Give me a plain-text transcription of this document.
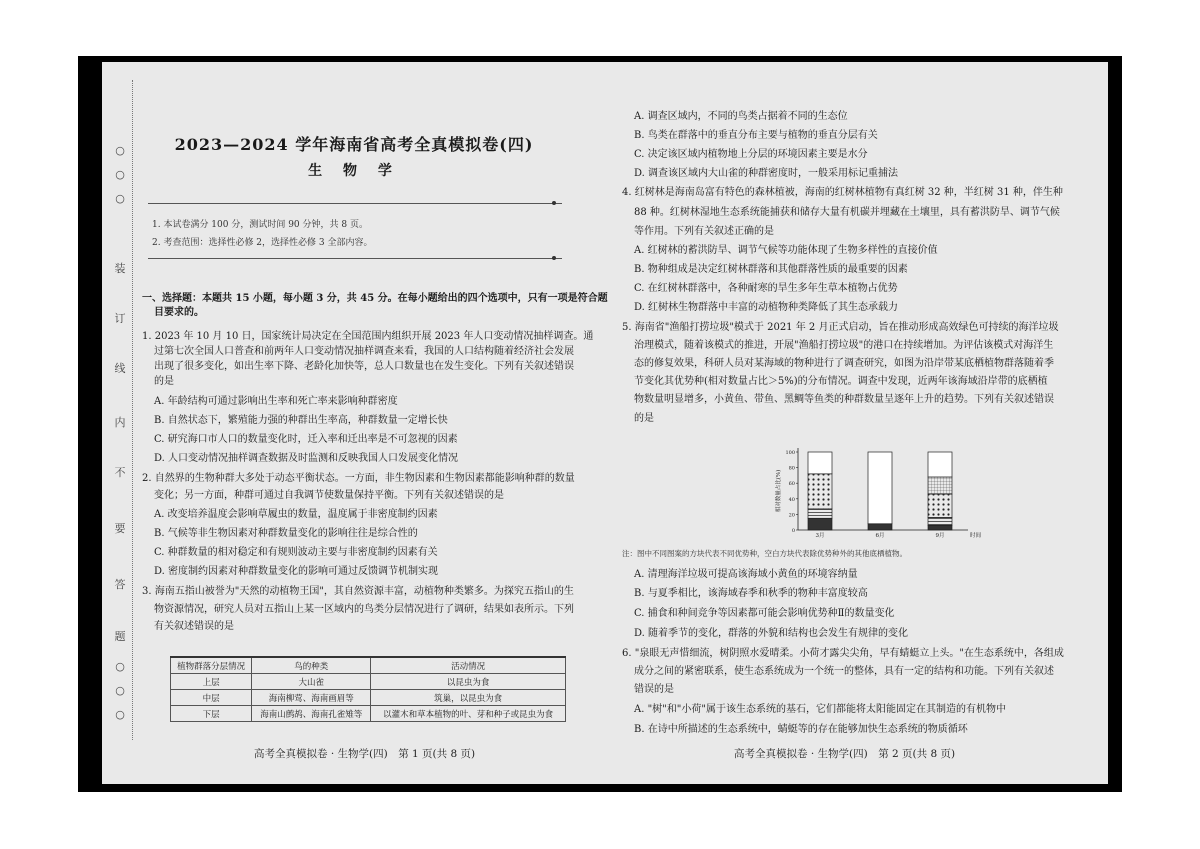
○
○
○
装
订
线
内
不
要
答
题
○
○
○
2023—2024 学年海南省高考全真模拟卷(四)
生 物 学
1. 本试卷满分 100 分，测试时间 90 分钟，共 8 页。
2. 考查范围：选择性必修 2，选择性必修 3 全部内容。
一、选择题：本题共 15 小题，每小题 3 分，共 45 分。在每小题给出的四个选项中，只有一项是符合题
目要求的。
1. 2023 年 10 月 10 日，国家统计局决定在全国范围内组织开展 2023 年人口变动情况抽样调查。通
过第七次全国人口普查和前两年人口变动情况抽样调查来看，我国的人口结构随着经济社会发展
出现了很多变化，如出生率下降、老龄化加快等，总人口数量也在发生变化。下列有关叙述错误
的是
A. 年龄结构可通过影响出生率和死亡率来影响种群密度
B. 自然状态下，繁殖能力强的种群出生率高，种群数量一定增长快
C. 研究海口市人口的数量变化时，迁入率和迁出率是不可忽视的因素
D. 人口变动情况抽样调查数据及时监测和反映我国人口发展变化情况
2. 自然界的生物种群大多处于动态平衡状态。一方面，非生物因素和生物因素都能影响种群的数量
变化；另一方面，种群可通过自我调节使数量保持平衡。下列有关叙述错误的是
A. 改变培养温度会影响草履虫的数量，温度属于非密度制约因素
B. 气候等非生物因素对种群数量变化的影响往往是综合性的
C. 种群数量的相对稳定和有规则波动主要与非密度制约因素有关
D. 密度制约因素对种群数量变化的影响可通过反馈调节机制实现
3. 海南五指山被誉为"天然的动植物王国"，其自然资源丰富，动植物种类繁多。为探究五指山的生
物资源情况，研究人员对五指山上某一区域内的鸟类分层情况进行了调研，结果如表所示。下列
有关叙述错误的是
植物群落分层情况	鸟的种类	活动情况
上层	大山雀	以昆虫为食
中层	海南柳莺、海南画眉等	筑巢，以昆虫为食
下层	海南山鹧鸪、海南孔雀雉等	以灌木和草本植物的叶、芽和种子或昆虫为食
高考全真模拟卷 · 生物学(四)　第 1 页(共 8 页)
A. 调查区域内，不同的鸟类占据着不同的生态位
B. 鸟类在群落中的垂直分布主要与植物的垂直分层有关
C. 决定该区域内植物地上分层的环境因素主要是水分
D. 调查该区域内大山雀的种群密度时，一般采用标记重捕法
4. 红树林是海南岛富有特色的森林植被，海南的红树林植物有真红树 32 种，半红树 31 种，伴生种
88 种。红树林湿地生态系统能捕获和储存大量有机碳并埋藏在土壤里，具有蓄洪防旱、调节气候
等作用。下列有关叙述正确的是
A. 红树林的蓄洪防旱、调节气候等功能体现了生物多样性的直接价值
B. 物种组成是决定红树林群落和其他群落性质的最重要的因素
C. 在红树林群落中，各种耐寒的旱生多年生草本植物占优势
D. 红树林生物群落中丰富的动植物种类降低了其生态承载力
5. 海南省"渔船打捞垃圾"模式于 2021 年 2 月正式启动，旨在推动形成高效绿色可持续的海洋垃圾
治理模式，随着该模式的推进，开展"渔船打捞垃圾"的港口在持续增加。为评估该模式对海洋生
态的修复效果，科研人员对某海域的物种进行了调查研究，如图为沿岸带某底栖植物群落随着季
节变化其优势种(相对数量占比＞5%)的分布情况。调查中发现，近两年该海域沿岸带的底栖植
物数量明显增多，小黄鱼、带鱼、黑鲷等鱼类的种群数量呈逐年上升的趋势。下列有关叙述错误
的是
0
20
40
60
80
100
相对数量占比(%)
3月	6月	9月	时间
注：图中不同图案的方块代表不同优势种，空白方块代表除优势种外的其他底栖植物。
A. 清理海洋垃圾可提高该海域小黄鱼的环境容纳量
B. 与夏季相比，该海域春季和秋季的物种丰富度较高
C. 捕食和种间竞争等因素都可能会影响优势种Ⅱ的数量变化
D. 随着季节的变化，群落的外貌和结构也会发生有规律的变化
6. "泉眼无声惜细流，树阴照水爱晴柔。小荷才露尖尖角，早有蜻蜓立上头。"在生态系统中，各组成
成分之间的紧密联系，使生态系统成为一个统一的整体，具有一定的结构和功能。下列有关叙述
错误的是
A. "树"和"小荷"属于该生态系统的基石，它们都能将太阳能固定在其制造的有机物中
B. 在诗中所描述的生态系统中，蜻蜓等的存在能够加快生态系统的物质循环
高考全真模拟卷 · 生物学(四)　第 2 页(共 8 页)
